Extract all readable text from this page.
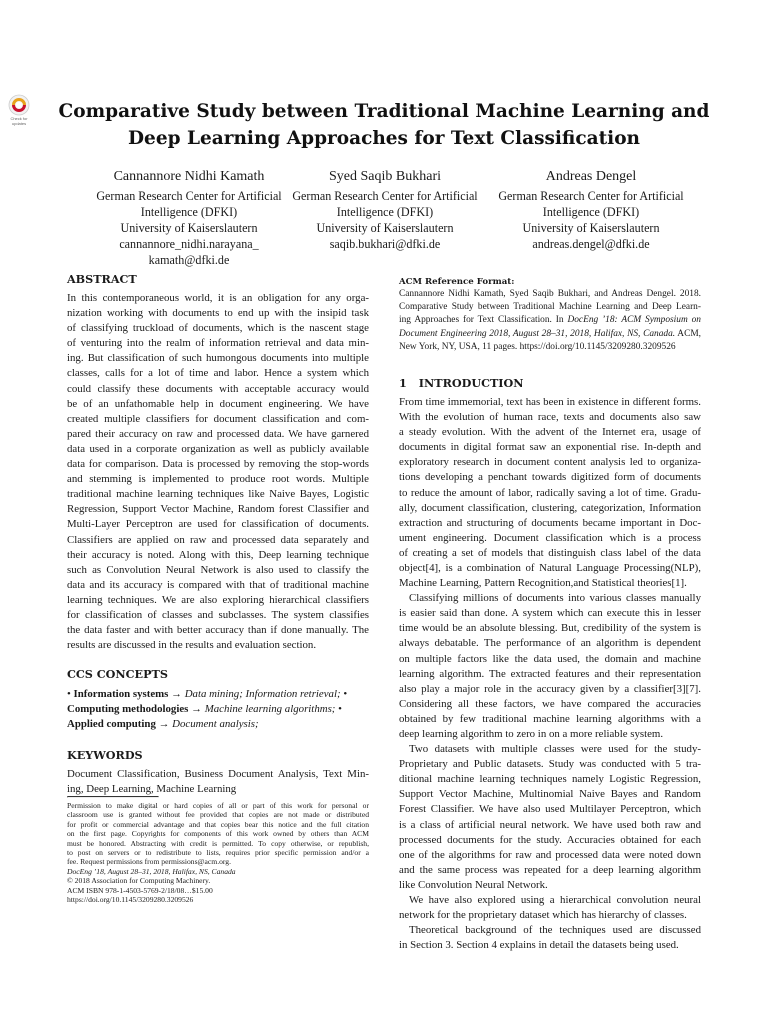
Check for
updates
Comparative Study between Traditional Machine Learning and
Deep Learning Approaches for Text Classification
Cannannore Nidhi Kamath
German Research Center for Artificial
Intelligence (DFKI)
University of Kaiserslautern
cannannore_nidhi.narayana_
kamath@dfki.de
Syed Saqib Bukhari
German Research Center for Artificial
Intelligence (DFKI)
University of Kaiserslautern
saqib.bukhari@dfki.de
Andreas Dengel
German Research Center for Artificial
Intelligence (DFKI)
University of Kaiserslautern
andreas.dengel@dfki.de
ABSTRACT
In this contemporaneous world, it is an obligation for any orga-
nization working with documents to end up with the insipid task
of classifying truckload of documents, which is the nascent stage
of venturing into the realm of information retrieval and data min-
ing. But classification of such humongous documents into multiple
classes, calls for a lot of time and labor. Hence a system which
could classify these documents with acceptable accuracy would
be of an unfathomable help in document engineering. We have
created multiple classifiers for document classification and com-
pared their accuracy on raw and processed data. We have garnered
data used in a corporate organization as well as publicly available
data for comparison. Data is processed by removing the stop-words
and stemming is implemented to produce root words. Multiple
traditional machine learning techniques like Naive Bayes, Logistic
Regression, Support Vector Machine, Random forest Classifier and
Multi-Layer Perceptron are used for classification of documents.
Classifiers are applied on raw and processed data separately and
their accuracy is noted. Along with this, Deep learning technique
such as Convolution Neural Network is also used to classify the
data and its accuracy is compared with that of traditional machine
learning techniques. We are also exploring hierarchical classifiers
for classification of classes and subclasses. The system classifies
the data faster and with better accuracy than if done manually. The
results are discussed in the results and evaluation section.
CCS CONCEPTS
• Information systems → Data mining; Information retrieval; •
Computing methodologies → Machine learning algorithms; •
Applied computing → Document analysis;
KEYWORDS
Document Classification, Business Document Analysis, Text Min-
ing, Deep Learning, Machine Learning
Permission to make digital or hard copies of all or part of this work for personal or
classroom use is granted without fee provided that copies are not made or distributed
for profit or commercial advantage and that copies bear this notice and the full citation
on the first page. Copyrights for components of this work owned by others than ACM
must be honored. Abstracting with credit is permitted. To copy otherwise, or republish,
to post on servers or to redistribute to lists, requires prior specific permission and/or a
fee. Request permissions from permissions@acm.org.
DocEng ’18, August 28–31, 2018, Halifax, NS, Canada
© 2018 Association for Computing Machinery.
ACM ISBN 978-1-4503-5769-2/18/08…$15.00
https://doi.org/10.1145/3209280.3209526
ACM Reference Format:
Cannannore Nidhi Kamath, Syed Saqib Bukhari, and Andreas Dengel. 2018.
Comparative Study between Traditional Machine Learning and Deep Learn-
ing Approaches for Text Classification. In DocEng ’18: ACM Symposium on
Document Engineering 2018, August 28–31, 2018, Halifax, NS, Canada. ACM,
New York, NY, USA, 11 pages. https://doi.org/10.1145/3209280.3209526
1 INTRODUCTION
From time immemorial, text has been in existence in different forms.
With the evolution of human race, texts and documents also saw
a steady evolution. With the advent of the Internet era, usage of
documents in digital format saw an exponential rise. In-depth and
exploratory research in document content analysis led to organiza-
tions developing a penchant towards digitized form of documents
to reduce the amount of labor, radically saving a lot of time. Gradu-
ally, document classification, clustering, categorization, Information
extraction and structuring of documents became important in Doc-
ument engineering. Document classification which is a process
of creating a set of models that distinguish class label of the data
object[4], is a combination of Natural Language Processing(NLP),
Machine Learning, Pattern Recognition,and Statistical theories[1].
Classifying millions of documents into various classes manually
is easier said than done. A system which can execute this in lesser
time would be an absolute blessing. But, credibility of the system is
always debatable. The performance of an algorithm is dependent
on multiple factors like the data used, the domain and machine
learning algorithm. The extracted features and their representation
also play a major role in the accuracy given by a classifier[3][7].
Considering all these factors, we have compared the accuracies
obtained by few traditional machine learning algorithms with a
deep learning algorithm to zero in on a more reliable system.
Two datasets with multiple classes were used for the study-
Proprietary and Public datasets. Study was conducted with 5 tra-
ditional machine learning techniques namely Logistic Regression,
Support Vector Machine, Multinomial Naive Bayes and Random
Forest Classifier. We have also used Multilayer Perceptron, which
is a class of artificial neural network. We have used both raw and
processed documents for the study. Accuracies obtained for each
one of the algorithms for raw and processed data were noted down
and the same process was repeated for a deep learning algorithm
like Convolution Neural Network.
We have also explored using a hierarchical convolution neural
network for the proprietary dataset which has hierarchy of classes.
Theoretical background of the techniques used are discussed
in Section 3. Section 4 explains in detail the datasets being used.
